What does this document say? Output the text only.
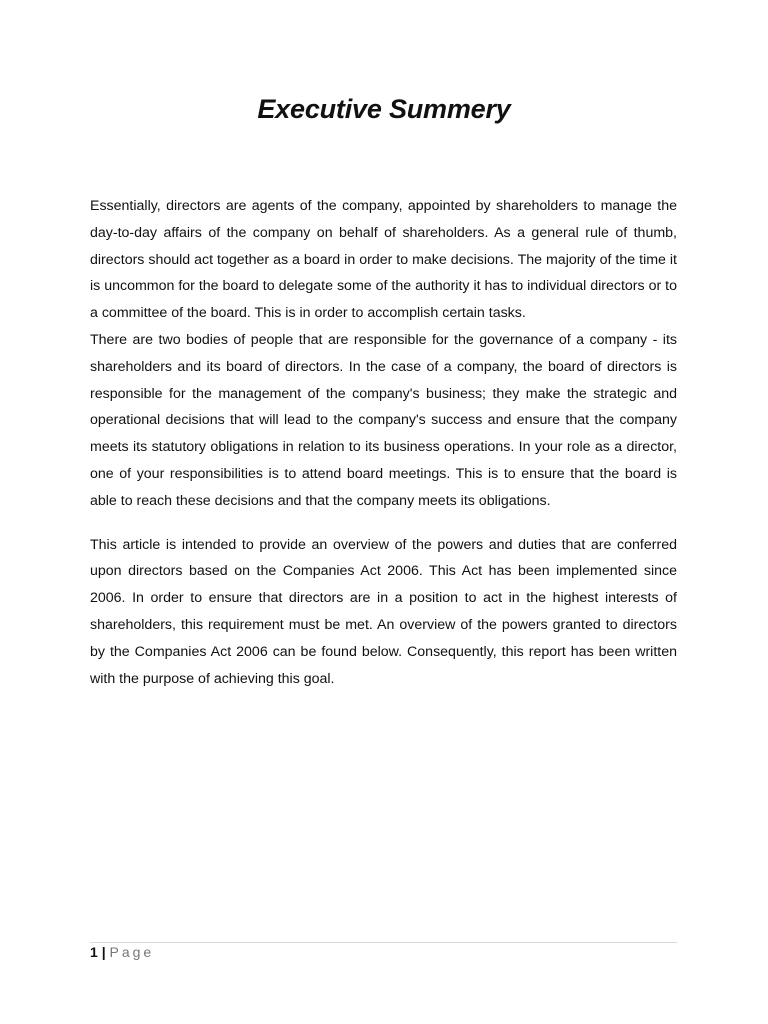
Executive Summery

Essentially, directors are agents of the company, appointed by shareholders to manage the day-to-day affairs of the company on behalf of shareholders. As a general rule of thumb, directors should act together as a board in order to make decisions. The majority of the time it is uncommon for the board to delegate some of the authority it has to individual directors or to a committee of the board. This is in order to accomplish certain tasks.

There are two bodies of people that are responsible for the governance of a company - its shareholders and its board of directors. In the case of a company, the board of directors is responsible for the management of the company's business; they make the strategic and operational decisions that will lead to the company's success and ensure that the company meets its statutory obligations in relation to its business operations. In your role as a director, one of your responsibilities is to attend board meetings. This is to ensure that the board is able to reach these decisions and that the company meets its obligations.

This article is intended to provide an overview of the powers and duties that are conferred upon directors based on the Companies Act 2006. This Act has been implemented since 2006. In order to ensure that directors are in a position to act in the highest interests of shareholders, this requirement must be met. An overview of the powers granted to directors by the Companies Act 2006 can be found below. Consequently, this report has been written with the purpose of achieving this goal.

1 | Page
